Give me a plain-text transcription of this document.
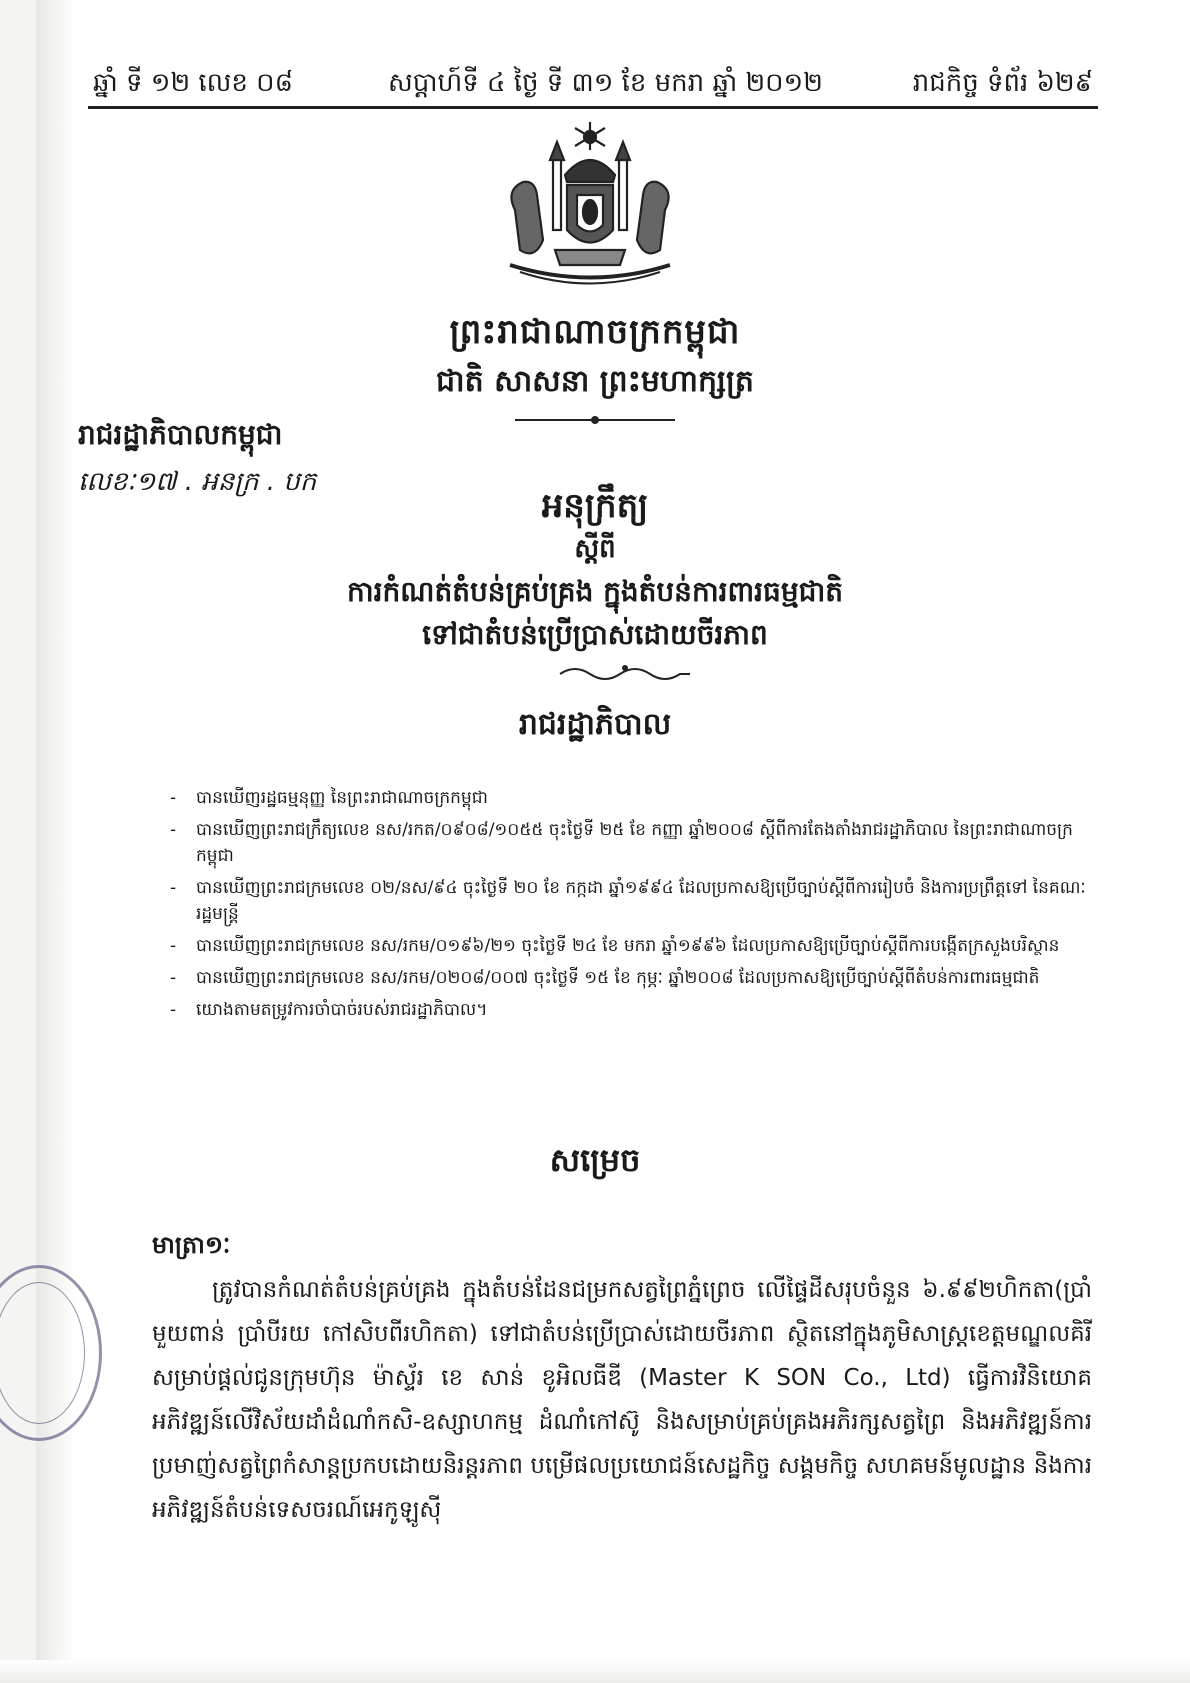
ឆ្នាំ ទី ១២ លេខ ០៨	សប្តាហ៍ទី ៤ ថ្ងៃ ទី ៣១ ខែ មករា ឆ្នាំ ២០១២	រាជកិច្ច ទំព័រ ៦២៩
ព្រះរាជាណាចក្រកម្ពុជា
ជាតិ សាសនា ព្រះមហាក្សត្រ
រាជរដ្ឋាភិបាលកម្ពុជា
លេខៈ១៧ . អនក្រ . បក
អនុក្រឹត្យ
ស្តីពី
ការកំណត់តំបន់គ្រប់គ្រង ក្នុងតំបន់ការពារធម្មជាតិ
ទៅជាតំបន់ប្រើប្រាស់ដោយចីរភាព
រាជរដ្ឋាភិបាល
- បានឃើញរដ្ឋធម្មនុញ្ញ នៃព្រះរាជាណាចក្រកម្ពុជា
- បានឃើញព្រះរាជក្រឹត្យលេខ នស/រកត/០៩០៨/១០៥៥ ចុះថ្ងៃទី ២៥ ខែ កញ្ញា ឆ្នាំ២០០៨ ស្តីពីការតែងតាំងរាជរដ្ឋាភិបាល នៃព្រះរាជាណាចក្រកម្ពុជា
- បានឃើញព្រះរាជក្រមលេខ ០២/នស/៩៤ ចុះថ្ងៃទី ២០ ខែ កក្កដា ឆ្នាំ១៩៩៤ ដែលប្រកាសឱ្យប្រើច្បាប់ស្តីពីការរៀបចំ និងការប្រព្រឹត្តទៅ នៃគណៈរដ្ឋមន្ត្រី
- បានឃើញព្រះរាជក្រមលេខ នស/រកម/០១៩៦/២១ ចុះថ្ងៃទី ២៤ ខែ មករា ឆ្នាំ១៩៩៦ ដែលប្រកាសឱ្យប្រើច្បាប់ស្តីពីការបង្កើតក្រសួងបរិស្ថាន
- បានឃើញព្រះរាជក្រមលេខ នស/រកម/០២០៨/០០៧ ចុះថ្ងៃទី ១៥ ខែ កុម្ភៈ ឆ្នាំ២០០៨ ដែលប្រកាសឱ្យប្រើច្បាប់ស្តីពីតំបន់ការពារធម្មជាតិ
- យោងតាមតម្រូវការចាំបាច់របស់រាជរដ្ឋាភិបាល។
សម្រេច
មាត្រា១ៈ
ត្រូវបានកំណត់តំបន់គ្រប់គ្រង ក្នុងតំបន់ដែនជម្រកសត្វព្រៃភ្នំព្រេច លើផ្ទៃដីសរុបចំនួន ៦.៩៩២ហិកតា(ប្រាំមួយពាន់ ប្រាំបីរយ កៅសិបពីរហិកតា) ទៅជាតំបន់ប្រើប្រាស់ដោយចីរភាព ស្ថិតនៅក្នុងភូមិសាស្ត្រខេត្តមណ្ឌលគិរី សម្រាប់ផ្តល់ជូនក្រុមហ៊ុន ម៉ាស្ទ័រ ខេ សាន់ ខូអិលធីឌី (Master K SON Co., Ltd) ធ្វើការវិនិយោគអភិវឌ្ឍន៍លើវិស័យដាំដំណាំកសិ-ឧស្សាហកម្ម ដំណាំកៅស៊ូ និងសម្រាប់គ្រប់គ្រងអភិរក្សសត្វព្រៃ និងអភិវឌ្ឍន៍ការប្រមាញ់សត្វព្រៃកំសាន្តប្រកបដោយនិរន្តរភាព បម្រើផលប្រយោជន៍សេដ្ឋកិច្ច សង្គមកិច្ច សហគមន៍មូលដ្ឋាន និងការអភិវឌ្ឍន៍តំបន់ទេសចរណ៍អេកូឡូស៊ី
